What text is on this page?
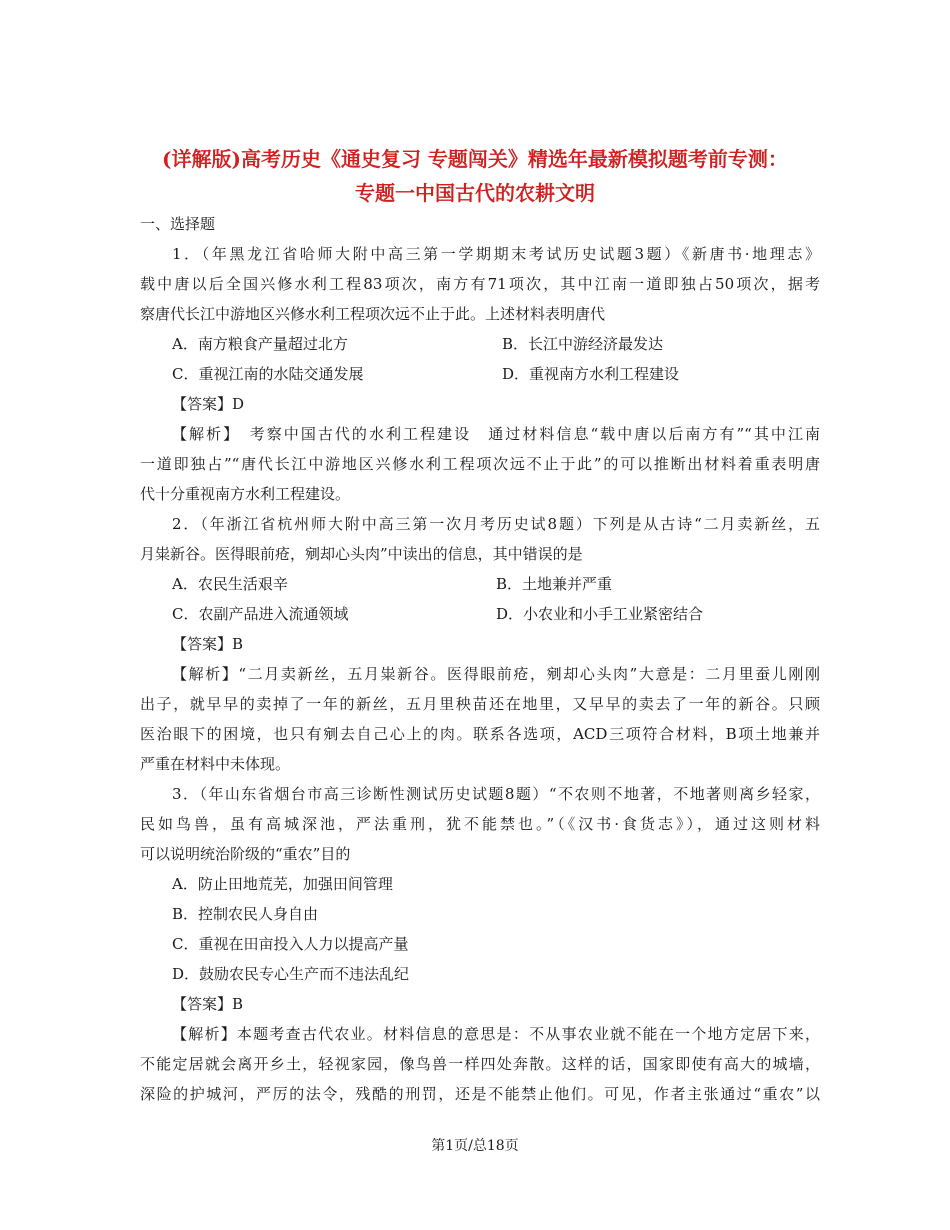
(详解版)高考历史《通史复习 专题闯关》精选年最新模拟题考前专测：
专题一中国古代的农耕文明
一、选择题
1．（年黑龙江省哈师大附中高三第一学期期末考试历史试题3题）《新唐书·地理志》
载中唐以后全国兴修水利工程83项次，南方有71项次，其中江南一道即独占50项次，据考
察唐代长江中游地区兴修水利工程项次远不止于此。上述材料表明唐代
A．南方粮食产量超过北方	B．长江中游经济最发达
C．重视江南的水陆交通发展	D．重视南方水利工程建设
【答案】D
【解析】　考察中国古代的水利工程建设　通过材料信息“载中唐以后南方有”“其中江南
一道即独占”“唐代长江中游地区兴修水利工程项次远不止于此”的可以推断出材料着重表明唐
代十分重视南方水利工程建设。
2．（年浙江省杭州师大附中高三第一次月考历史试8题）下列是从古诗“二月卖新丝，五
月粜新谷。医得眼前疮，剜却心头肉”中读出的信息，其中错误的是
A．农民生活艰辛	B．土地兼并严重
C．农副产品进入流通领域	D．小农业和小手工业紧密结合
【答案】B
【解析】“二月卖新丝，五月粜新谷。医得眼前疮，剜却心头肉”大意是：二月里蚕儿刚刚
出子，就早早的卖掉了一年的新丝，五月里秧苗还在地里，又早早的卖去了一年的新谷。只顾
医治眼下的困境，也只有剜去自己心上的肉。联系各选项，ACD三项符合材料，B项土地兼并
严重在材料中未体现。
3．（年山东省烟台市高三诊断性测试历史试题8题）“不农则不地著，不地著则离乡轻家，
民如鸟兽，虽有高城深池，严法重刑，犹不能禁也。”（《汉书·食货志》），通过这则材料
可以说明统治阶级的“重农”目的
A．防止田地荒芜，加强田间管理
B．控制农民人身自由
C．重视在田亩投入人力以提高产量
D．鼓励农民专心生产而不违法乱纪
【答案】B
【解析】本题考查古代农业。材料信息的意思是：不从事农业就不能在一个地方定居下来，
不能定居就会离开乡土，轻视家园，像鸟兽一样四处奔散。这样的话，国家即使有高大的城墙，
深险的护城河，严厉的法令，残酷的刑罚，还是不能禁止他们。可见，作者主张通过“重农”以
第1页/总18页
